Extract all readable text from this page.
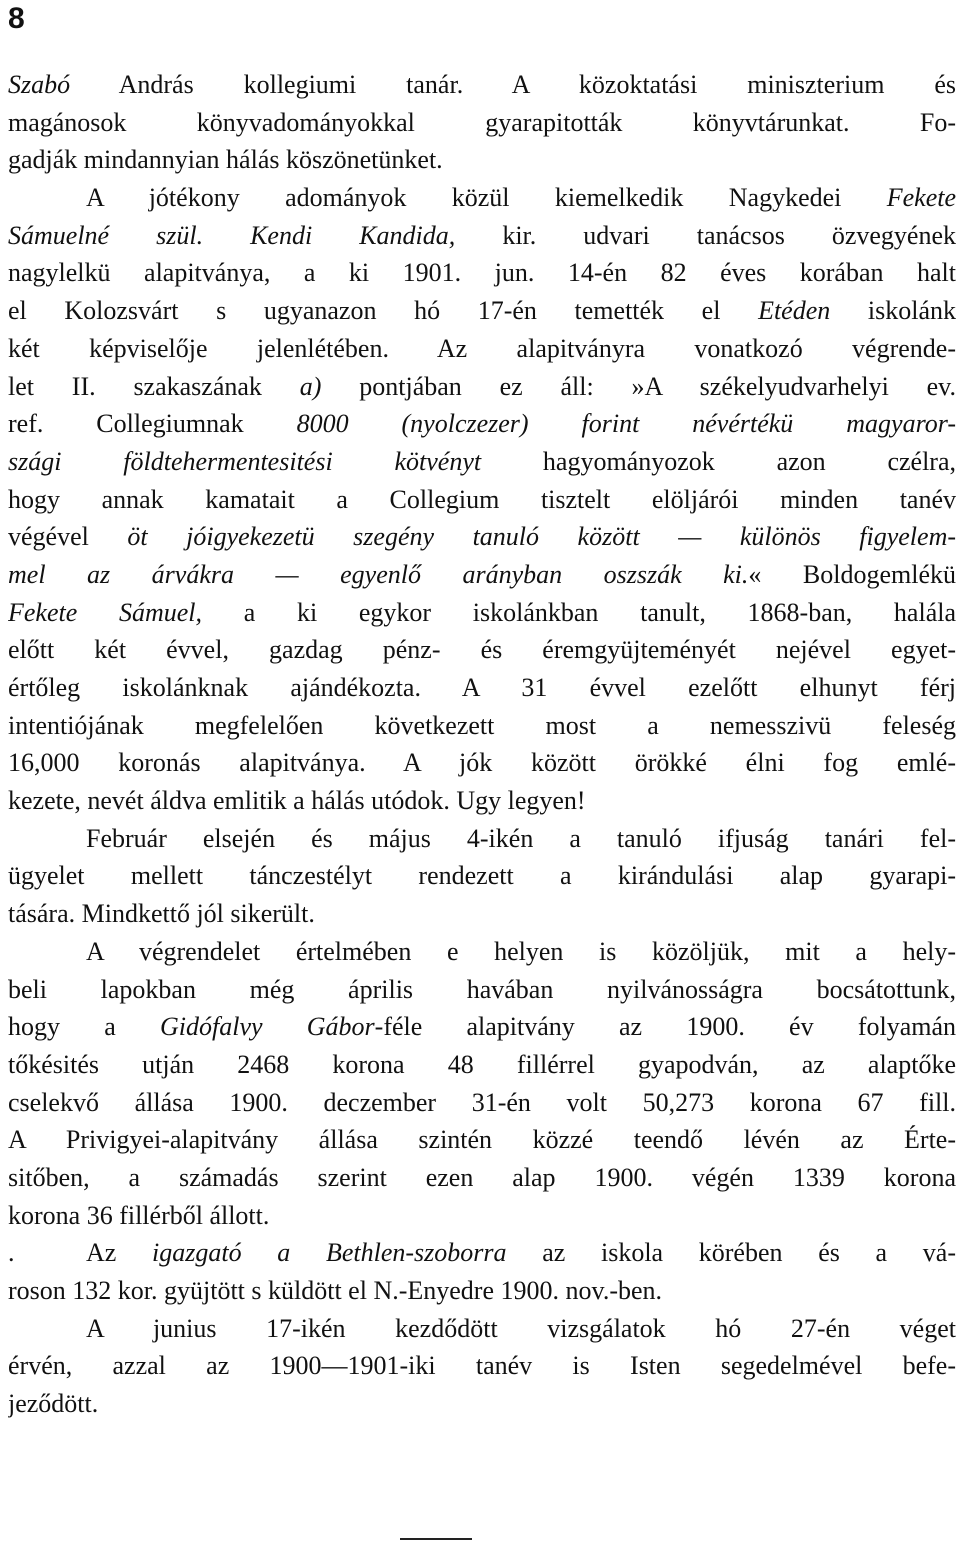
8
Szabó András kollegiumi tanár. A közoktatási miniszterium és
magánosok könyvadományokkal gyarapitották könyvtárunkat. Fo-
gadják mindannyian hálás köszönetünket.
A jótékony adományok közül kiemelkedik Nagykedei Fekete
Sámuelné szül. Kendi Kandida, kir. udvari tanácsos özvegyének
nagylelkü alapitványa, a ki 1901. jun. 14-én 82 éves korában halt
el Kolozsvárt s ugyanazon hó 17-én temették el Etéden iskolánk
két képviselője jelenlétében. Az alapitványra vonatkozó végrende-
let II. szakaszának a) pontjában ez áll: »A székelyudvarhelyi ev.
ref. Collegiumnak 8000 (nyolczezer) forint névértékü magyaror-
szági földtehermentesitési kötvényt hagyományozok azon czélra,
hogy annak kamatait a Collegium tisztelt elöljárói minden tanév
végével öt jóigyekezetü szegény tanuló között — különös figyelem-
mel az árvákra — egyenlő arányban oszszák ki.« Boldogemlékü
Fekete Sámuel, a ki egykor iskolánkban tanult, 1868-ban, halála
előtt két évvel, gazdag pénz- és éremgyüjteményét nejével egyet-
értőleg iskolánknak ajándékozta. A 31 évvel ezelőtt elhunyt férj
intentiójának megfelelően következett most a nemesszivü feleség
16,000 koronás alapitványa. A jók között örökké élni fog emlé-
kezete, nevét áldva emlitik a hálás utódok. Ugy legyen!
Február elsején és május 4-ikén a tanuló ifjuság tanári fel-
ügyelet mellett tánczestélyt rendezett a kirándulási alap gyarapi-
tására. Mindkettő jól sikerült.
A végrendelet értelmében e helyen is közöljük, mit a hely-
beli lapokban még április havában nyilvánosságra bocsátottunk,
hogy a Gidófalvy Gábor-féle alapitvány az 1900. év folyamán
tőkésités utján 2468 korona 48 fillérrel gyapodván, az alaptőke
cselekvő állása 1900. deczember 31-én volt 50,273 korona 67 fill.
A Privigyei-alapitvány állása szintén közzé teendő lévén az Érte-
sitőben, a számadás szerint ezen alap 1900. végén 1339 korona
korona 36 fillérből állott.
.	Az igazgató a Bethlen-szoborra az iskola körében és a vá-
roson 132 kor. gyüjtött s küldött el N.-Enyedre 1900. nov.-ben.
A junius 17-ikén kezdődött vizsgálatok hó 27-én véget
érvén, azzal az 1900—1901-iki tanév is Isten segedelmével befe-
jeződött.
